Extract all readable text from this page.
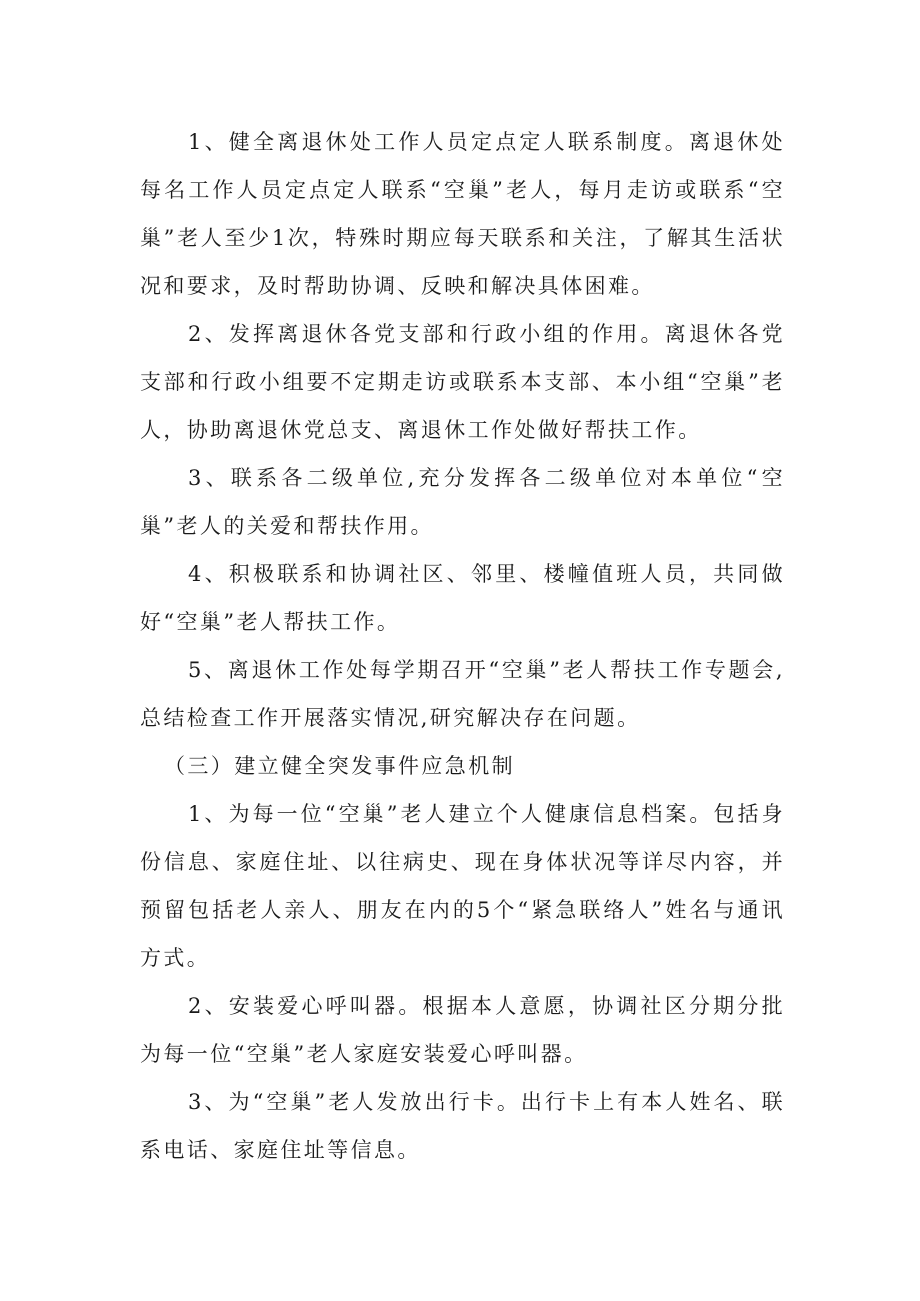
1、健全离退休处工作人员定点定人联系制度。离退休处每名工作人员定点定人联系“空巢”老人，每月走访或联系“空巢”老人至少1次，特殊时期应每天联系和关注，了解其生活状况和要求，及时帮助协调、反映和解决具体困难。

2、发挥离退休各党支部和行政小组的作用。离退休各党支部和行政小组要不定期走访或联系本支部、本小组“空巢”老人，协助离退休党总支、离退休工作处做好帮扶工作。

3、联系各二级单位,充分发挥各二级单位对本单位“空巢”老人的关爱和帮扶作用。

4、积极联系和协调社区、邻里、楼幢值班人员，共同做好“空巢”老人帮扶工作。

5、离退休工作处每学期召开“空巢”老人帮扶工作专题会,总结检查工作开展落实情况,研究解决存在问题。

（三）建立健全突发事件应急机制

1、为每一位“空巢”老人建立个人健康信息档案。包括身份信息、家庭住址、以往病史、现在身体状况等详尽内容，并预留包括老人亲人、朋友在内的5个“紧急联络人”姓名与通讯方式。

2、安装爱心呼叫器。根据本人意愿，协调社区分期分批为每一位“空巢”老人家庭安装爱心呼叫器。

3、为“空巢”老人发放出行卡。出行卡上有本人姓名、联系电话、家庭住址等信息。
